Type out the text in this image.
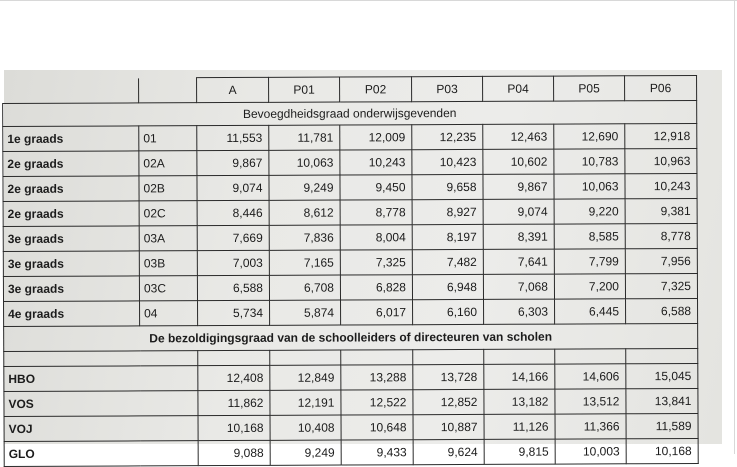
		A	P01	P02	P03	P04	P05	P06
Bevoegdheidsgraad onderwijsgevenden								
1e graads	01	11,553	11,781	12,009	12,235	12,463	12,690	12,918
2e graads	02A	9,867	10,063	10,243	10,423	10,602	10,783	10,963
2e graads	02B	9,074	9,249	9,450	9,658	9,867	10,063	10,243
2e graads	02C	8,446	8,612	8,778	8,927	9,074	9,220	9,381
3e graads	03A	7,669	7,836	8,004	8,197	8,391	8,585	8,778
3e graads	03B	7,003	7,165	7,325	7,482	7,641	7,799	7,956
3e graads	03C	6,588	6,708	6,828	6,948	7,068	7,200	7,325
4e graads	04	5,734	5,874	6,017	6,160	6,303	6,445	6,588
De bezoldigingsgraad van de schoolleiders of directeuren van scholen								

HBO		12,408	12,849	13,288	13,728	14,166	14,606	15,045
VOS		11,862	12,191	12,522	12,852	13,182	13,512	13,841
VOJ		10,168	10,408	10,648	10,887	11,126	11,366	11,589
GLO		9,088	9,249	9,433	9,624	9,815	10,003	10,168
